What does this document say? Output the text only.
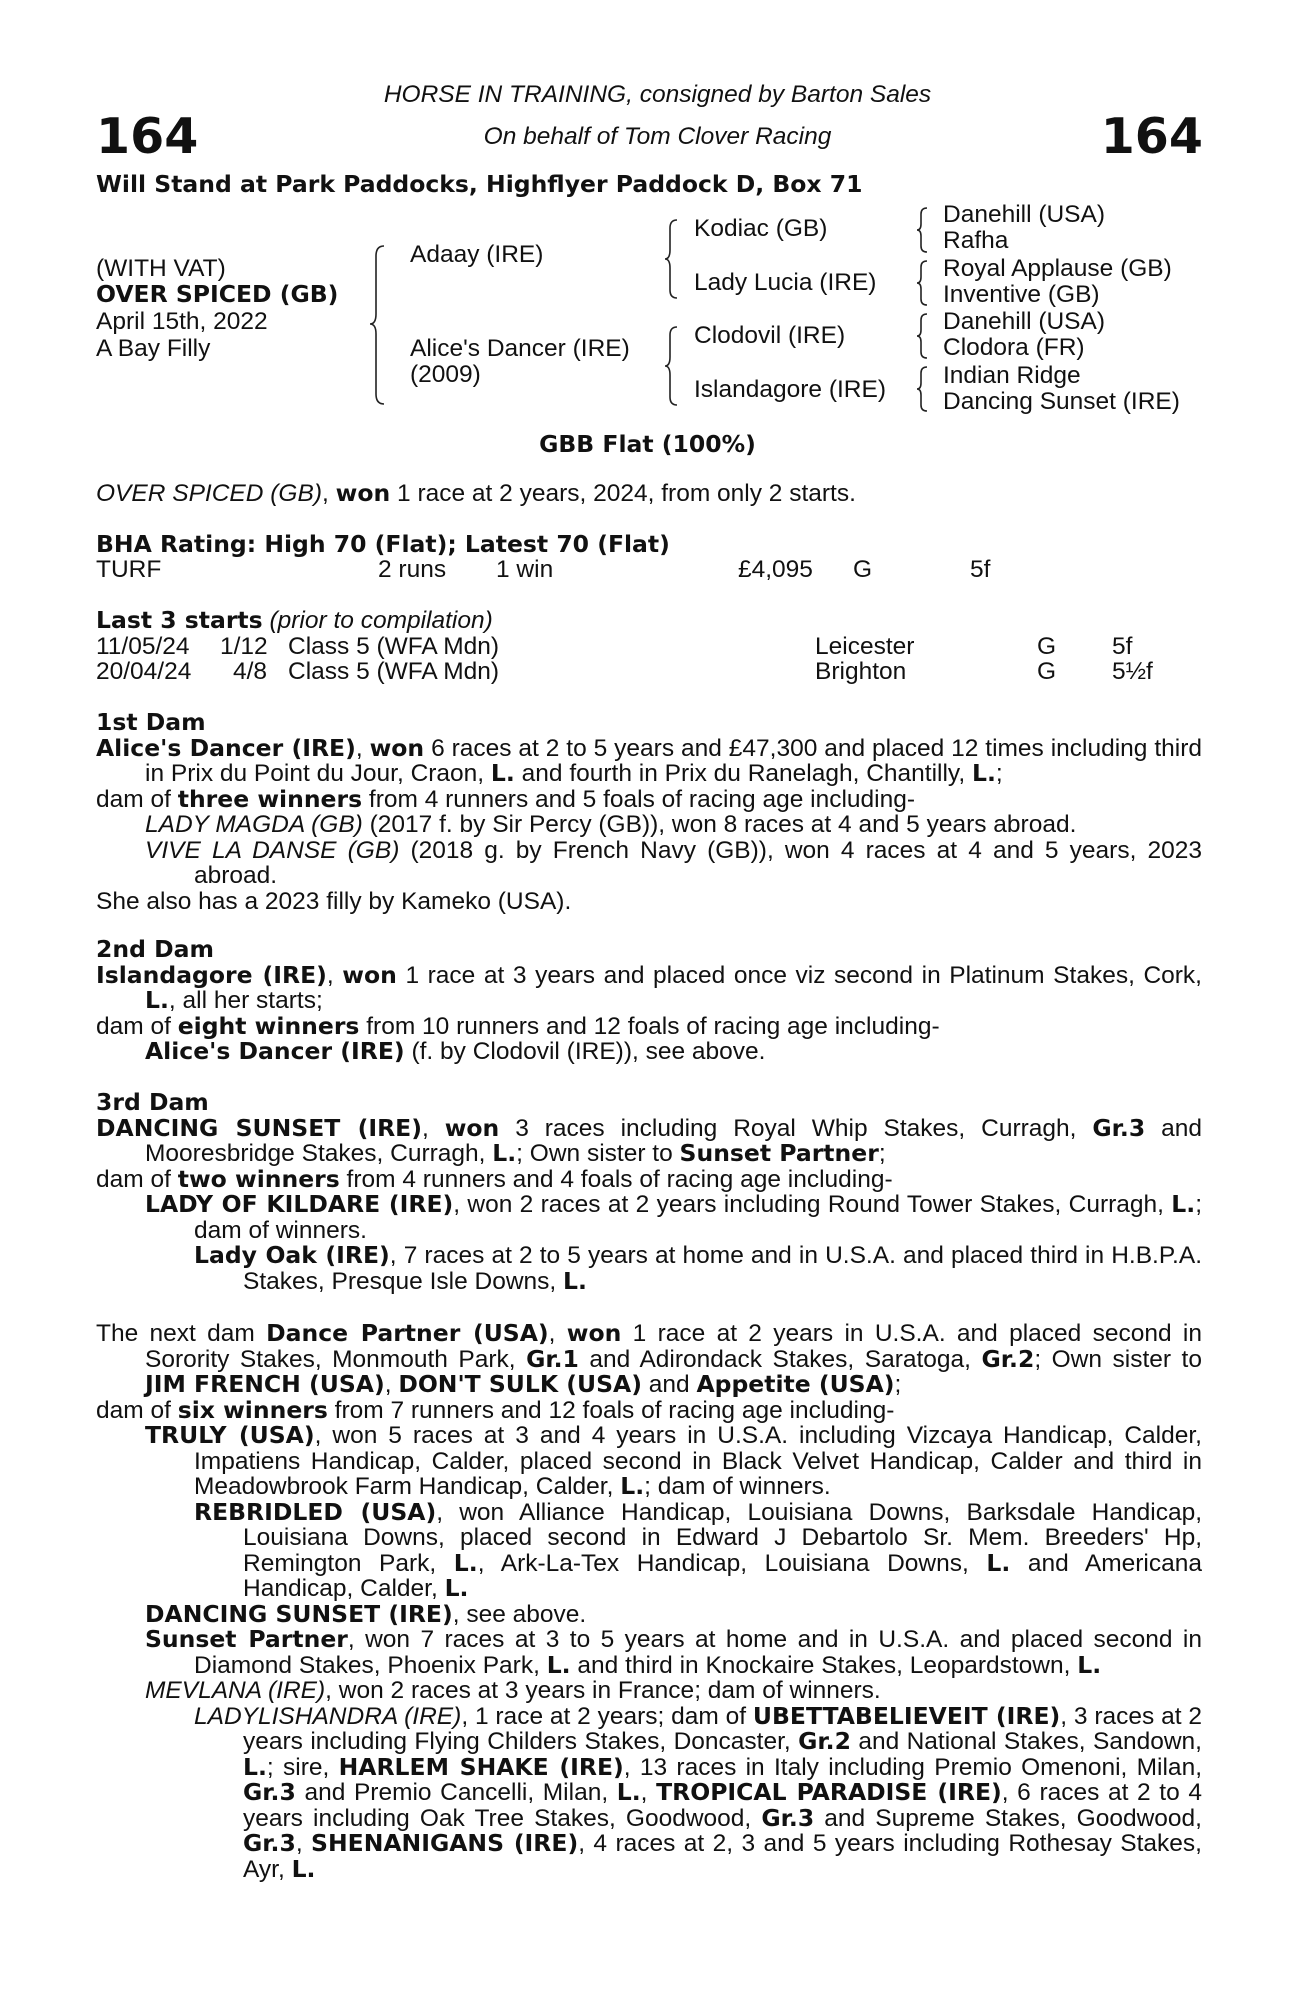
164	164
HORSE IN TRAINING, consigned by Barton Sales
On behalf of Tom Clover Racing
Will Stand at Park Paddocks, Highflyer Paddock D, Box 71
(WITH VAT)
OVER SPICED (GB)
April 15th, 2022
A Bay Filly
Adaay (IRE)
Alice's Dancer (IRE)
(2009)
Kodiac (GB)
Lady Lucia (IRE)
Clodovil (IRE)
Islandagore (IRE)
Danehill (USA)
Rafha
Royal Applause (GB)
Inventive (GB)
Danehill (USA)
Clodora (FR)
Indian Ridge
Dancing Sunset (IRE)
GBB Flat (100%)
OVER SPICED (GB), won 1 race at 2 years, 2024, from only 2 starts.
BHA Rating: High 70 (Flat); Latest 70 (Flat)
TURF	2 runs 1 win	£4,095 G	5f
Last 3 starts (prior to compilation)
11/05/24 1/12 Class 5 (WFA Mdn)	Leicester	G 5f
20/04/24 4/8 Class 5 (WFA Mdn)	Brighton	G 5½f
1st Dam
Alice's Dancer (IRE), won 6 races at 2 to 5 years and £47,300 and placed 12 times including third in Prix du Point du Jour, Craon, L. and fourth in Prix du Ranelagh, Chantilly, L.;
dam of three winners from 4 runners and 5 foals of racing age including-
LADY MAGDA (GB) (2017 f. by Sir Percy (GB)), won 8 races at 4 and 5 years abroad.
VIVE LA DANSE (GB) (2018 g. by French Navy (GB)), won 4 races at 4 and 5 years, 2023 abroad.
She also has a 2023 filly by Kameko (USA).
2nd Dam
Islandagore (IRE), won 1 race at 3 years and placed once viz second in Platinum Stakes, Cork, L., all her starts;
dam of eight winners from 10 runners and 12 foals of racing age including-
Alice's Dancer (IRE) (f. by Clodovil (IRE)), see above.
3rd Dam
DANCING SUNSET (IRE), won 3 races including Royal Whip Stakes, Curragh, Gr.3 and Mooresbridge Stakes, Curragh, L.; Own sister to Sunset Partner;
dam of two winners from 4 runners and 4 foals of racing age including-
LADY OF KILDARE (IRE), won 2 races at 2 years including Round Tower Stakes, Curragh, L.; dam of winners.
Lady Oak (IRE), 7 races at 2 to 5 years at home and in U.S.A. and placed third in H.B.P.A. Stakes, Presque Isle Downs, L.
The next dam Dance Partner (USA), won 1 race at 2 years in U.S.A. and placed second in Sorority Stakes, Monmouth Park, Gr.1 and Adirondack Stakes, Saratoga, Gr.2; Own sister to JIM FRENCH (USA), DON'T SULK (USA) and Appetite (USA);
dam of six winners from 7 runners and 12 foals of racing age including-
TRULY (USA), won 5 races at 3 and 4 years in U.S.A. including Vizcaya Handicap, Calder, Impatiens Handicap, Calder, placed second in Black Velvet Handicap, Calder and third in Meadowbrook Farm Handicap, Calder, L.; dam of winners.
REBRIDLED (USA), won Alliance Handicap, Louisiana Downs, Barksdale Handicap, Louisiana Downs, placed second in Edward J Debartolo Sr. Mem. Breeders' Hp, Remington Park, L., Ark-La-Tex Handicap, Louisiana Downs, L. and Americana Handicap, Calder, L.
DANCING SUNSET (IRE), see above.
Sunset Partner, won 7 races at 3 to 5 years at home and in U.S.A. and placed second in Diamond Stakes, Phoenix Park, L. and third in Knockaire Stakes, Leopardstown, L.
MEVLANA (IRE), won 2 races at 3 years in France; dam of winners.
LADYLISHANDRA (IRE), 1 race at 2 years; dam of UBETTABELIEVEIT (IRE), 3 races at 2 years including Flying Childers Stakes, Doncaster, Gr.2 and National Stakes, Sandown, L.; sire, HARLEM SHAKE (IRE), 13 races in Italy including Premio Omenoni, Milan, Gr.3 and Premio Cancelli, Milan, L., TROPICAL PARADISE (IRE), 6 races at 2 to 4 years including Oak Tree Stakes, Goodwood, Gr.3 and Supreme Stakes, Goodwood, Gr.3, SHENANIGANS (IRE), 4 races at 2, 3 and 5 years including Rothesay Stakes, Ayr, L.
